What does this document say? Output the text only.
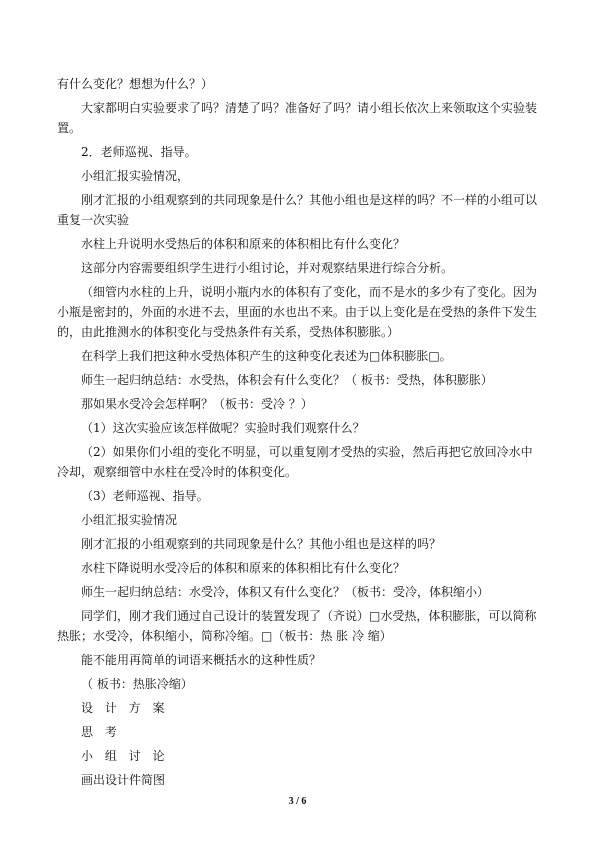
有什么变化？想想为什么？）

大家都明白实验要求了吗？清楚了吗？准备好了吗？请小组长依次上来领取这个实验装置。

2．老师巡视、指导。

小组汇报实验情况，

刚才汇报的小组观察到的共同现象是什么？其他小组也是这样的吗？不一样的小组可以重复一次实验

水柱上升说明水受热后的体积和原来的体积相比有什么变化？

这部分内容需要组织学生进行小组讨论，并对观察结果进行综合分析。

（细管内水柱的上升，说明小瓶内水的体积有了变化，而不是水的多少有了变化。因为小瓶是密封的，外面的水进不去，里面的水也出不来。由于以上变化是在受热的条件下发生的，由此推测水的体积变化与受热条件有关系，受热体积膨胀。）

在科学上我们把这种水受热体积产生的这种变化表述为□体积膨胀□。

师生一起归纳总结：水受热，体积会有什么变化？（ 板书：受热，体积膨胀）

那如果水受冷会怎样啊？（板书：受冷 ？）

（1）这次实验应该怎样做呢？实验时我们观察什么？

（2）如果你们小组的变化不明显，可以重复刚才受热的实验，然后再把它放回冷水中冷却，观察细管中水柱在受冷时的体积变化。

（3）老师巡视、指导。

小组汇报实验情况

刚才汇报的小组观察到的共同现象是什么？其他小组也是这样的吗？

水柱下降说明水受冷后的体积和原来的体积相比有什么变化？

师生一起归纳总结：水受冷，体积又有什么变化？（板书：受冷，体积缩小）

同学们，刚才我们通过自己设计的装置发现了（齐说）□水受热，体积膨胀，可以简称热胀；水受冷，体积缩小，简称冷缩。□（板书：热 胀 冷 缩）

能不能用再简单的词语来概括水的这种性质？

（ 板书：热胀冷缩）

设 计 方 案

思 考

小 组 讨 论

画出设计件简图

3 / 6
